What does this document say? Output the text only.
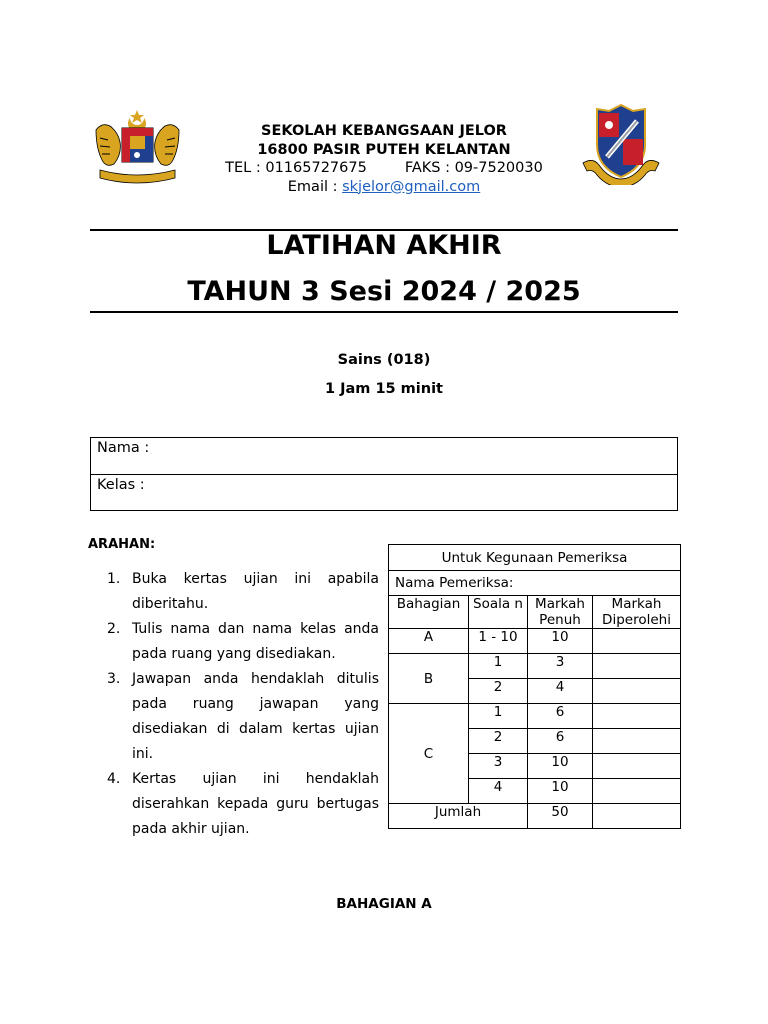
SEKOLAH KEBANGSAAN JELOR
16800 PASIR PUTEH KELANTAN
TEL : 01165727675	FAKS : 09-7520030
Email : skjelor@gmail.com
LATIHAN AKHIR
TAHUN 3 Sesi 2024 / 2025
Sains (018)
1 Jam 15 minit
Nama :
Kelas :
ARAHAN:
1. Buka kertas ujian ini apabila diberitahu.
2. Tulis nama dan nama kelas anda pada ruang yang disediakan.
3. Jawapan anda hendaklah ditulis pada ruang jawapan yang disediakan di dalam kertas ujian ini.
4. Kertas ujian ini hendaklah diserahkan kepada guru bertugas pada akhir ujian.
Untuk Kegunaan Pemeriksa			
Nama Pemeriksa:			
Bahagian	Soala n	Markah Penuh	Markah Diperolehi
A	1 - 10	10	
B	1	3	
	2	4	
C	1	6	
	2	6	
	3	10	
	4	10	
Jumlah		50	
BAHAGIAN A
